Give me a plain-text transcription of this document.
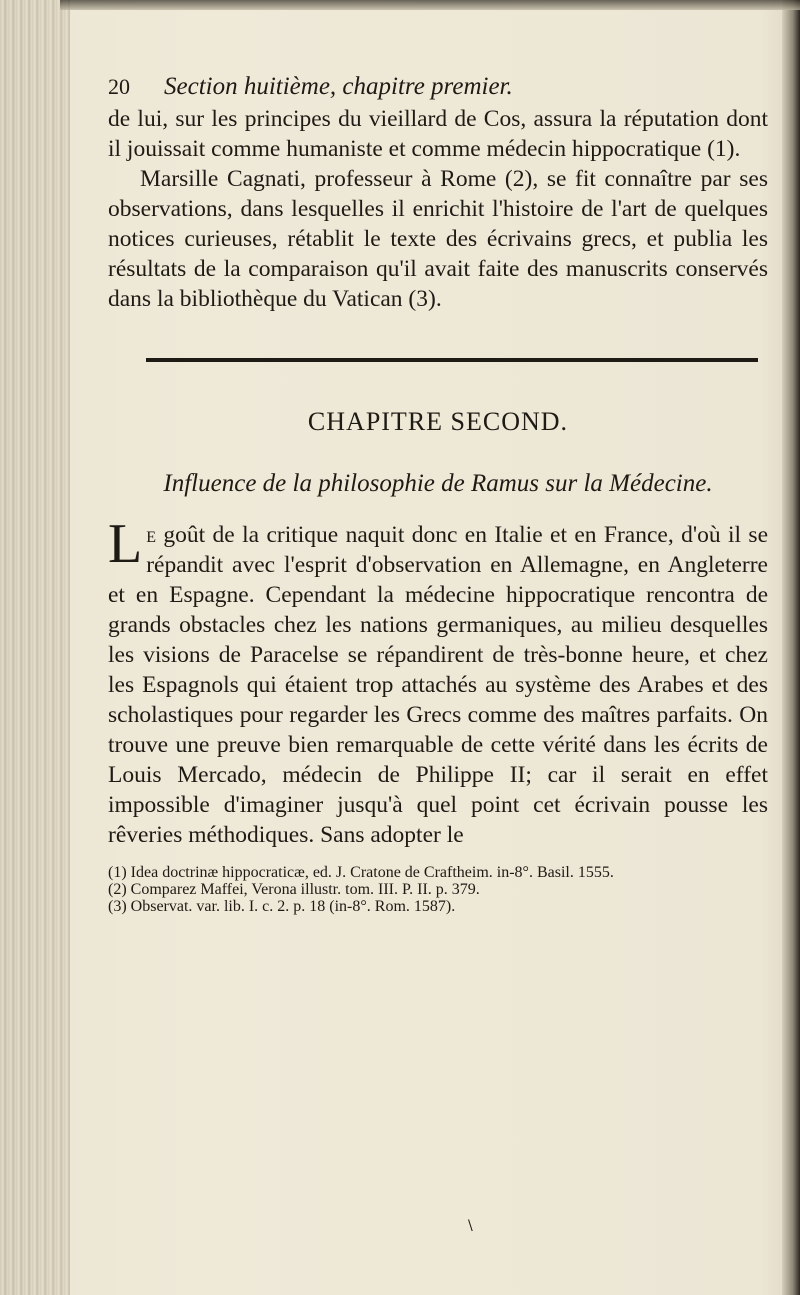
20	Section huitième, chapitre premier.

de lui, sur les principes du vieillard de Cos, assura la réputation dont il jouissait comme humaniste et comme médecin hippocratique (1).

Marsille Cagnati, professeur à Rome (2), se fit connaître par ses observations, dans lesquelles il enrichit l'histoire de l'art de quelques notices curieuses, rétablit le texte des écrivains grecs, et publia les résultats de la comparaison qu'il avait faite des manuscrits conservés dans la bibliothèque du Vatican (3).

CHAPITRE SECOND.
Influence de la philosophie de Ramus sur la Médecine.

Le goût de la critique naquit donc en Italie et en France, d'où il se répandit avec l'esprit d'observation en Allemagne, en Angleterre et en Espagne. Cependant la médecine hippocratique rencontra de grands obstacles chez les nations germaniques, au milieu desquelles les visions de Paracelse se répandirent de très-bonne heure, et chez les Espagnols qui étaient trop attachés au système des Arabes et des scholastiques pour regarder les Grecs comme des maîtres parfaits. On trouve une preuve bien remarquable de cette vérité dans les écrits de Louis Mercado, médecin de Philippe II; car il serait en effet impossible d'imaginer jusqu'à quel point cet écrivain pousse les rêveries méthodiques. Sans adopter le

(1) Idea doctrinæ hippocraticæ, ed. J. Cratone de Craftheim. in-8°. Basil. 1555.

(2) Comparez Maffei, Verona illustr. tom. III. P. II. p. 379.

(3) Observat. var. lib. I. c. 2. p. 18 (in-8°. Rom. 1587).

\
